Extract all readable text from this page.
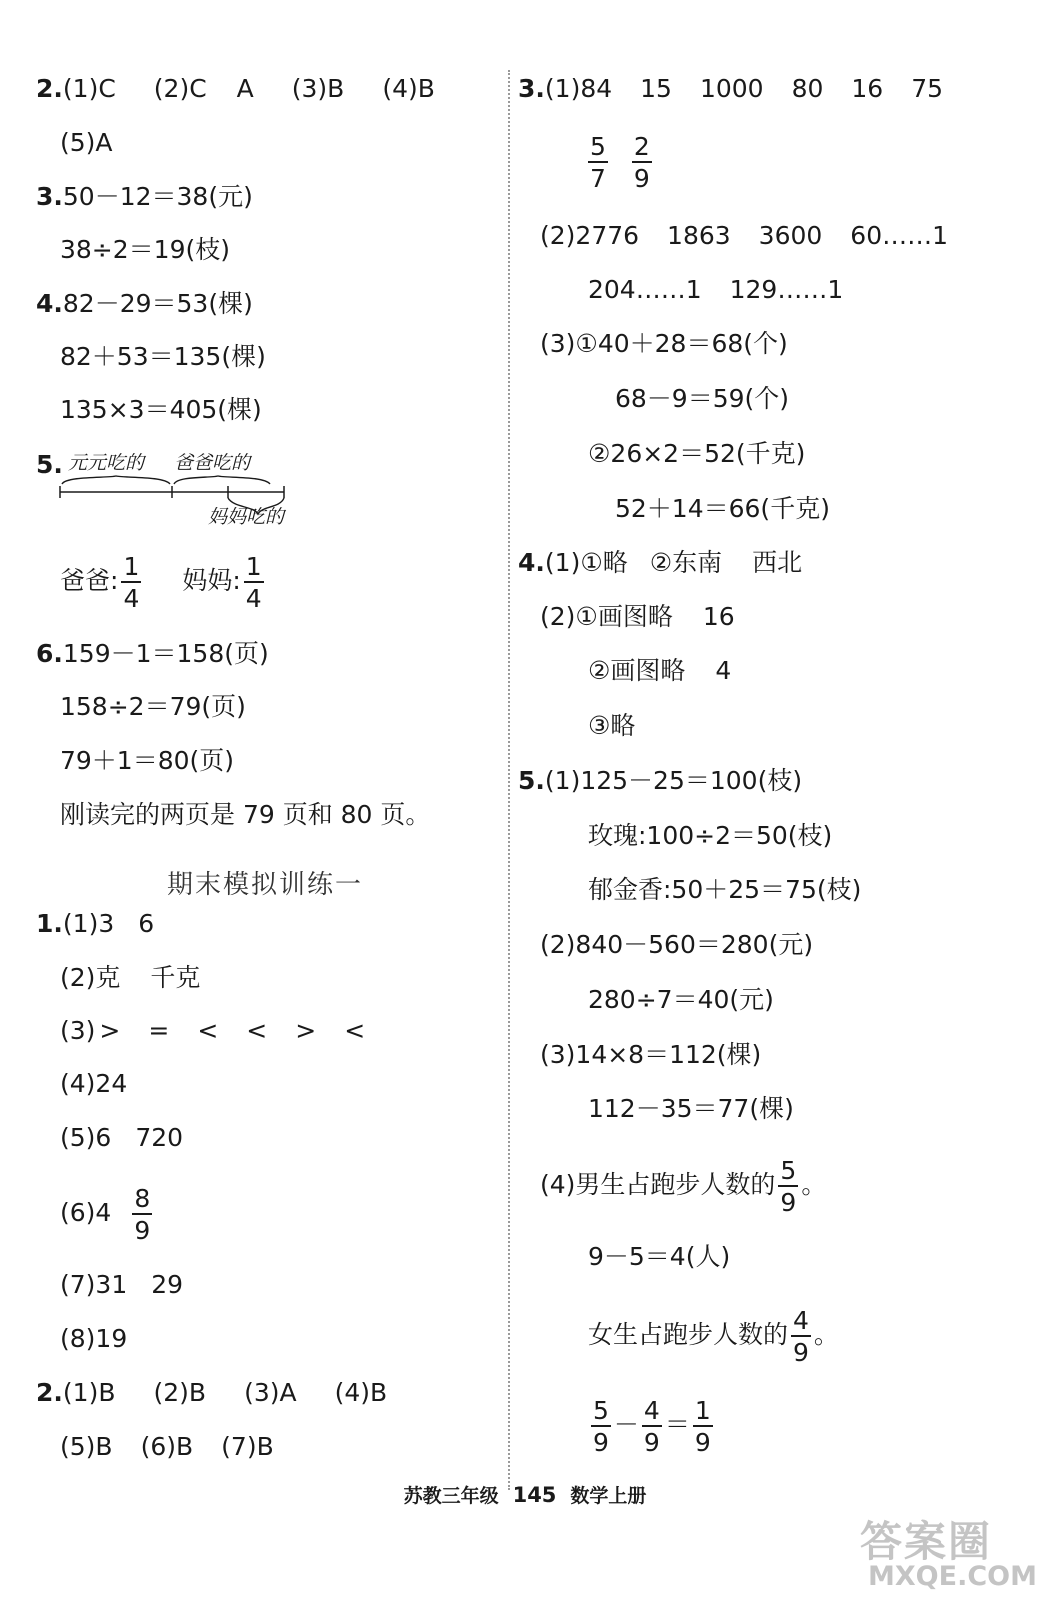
2.(1)C (2)C A (3)B (4)B
(5)A
3.50－12＝38(元)
38÷2＝19(枝)
4.82－29＝53(棵)
82＋53＝135(棵)
135×3＝405(棵)
5. 元元吃的 爸爸吃的
妈妈吃的
爸爸: $\frac{1}{4}$ 妈妈: $\frac{1}{4}$
6.159－1＝158(页)
158÷2＝79(页)
79＋1＝80(页)
刚读完的两页是 79 页和 80 页。
期末模拟训练一
1.(1)3 6
(2)克 千克
(3) > = < < > <
(4)24
(5)6 720
$(6)4 \frac{8}{9}$
(7)31 29
(8)19
2.(1)B (2)B (3)A (4)B
(5)B (6)B (7)B
3.(1)84 15 1000 80 16 75
$\frac{5}{7} \frac{2}{9}$
(2)2776 1863 3600 60……1
204……1 129……1
(3)①40＋28＝68(个)
68－9＝59(个)
②26×2＝52(千克)
52＋14＝66(千克)
4.(1)①略 ②东南 西北
(2)①画图略 16
②画图略 4
③略
5.(1)125－25＝100(枝)
玫瑰:100÷2＝50(枝)
郁金香:50＋25＝75(枝)
(2)840－560＝280(元)
280÷7＝40(元)
(3)14×8＝112(棵)
112－35＝77(棵)
(4)男生占跑步人数的 $\frac{5}{9}$ 。
9－5＝4(人)
女生占跑步人数的 $\frac{4}{9}$ 。
$\frac{5}{9} - \frac{4}{9} = \frac{1}{9}$
苏教三年级 145 数学上册
答案圈
MXQE.COM
